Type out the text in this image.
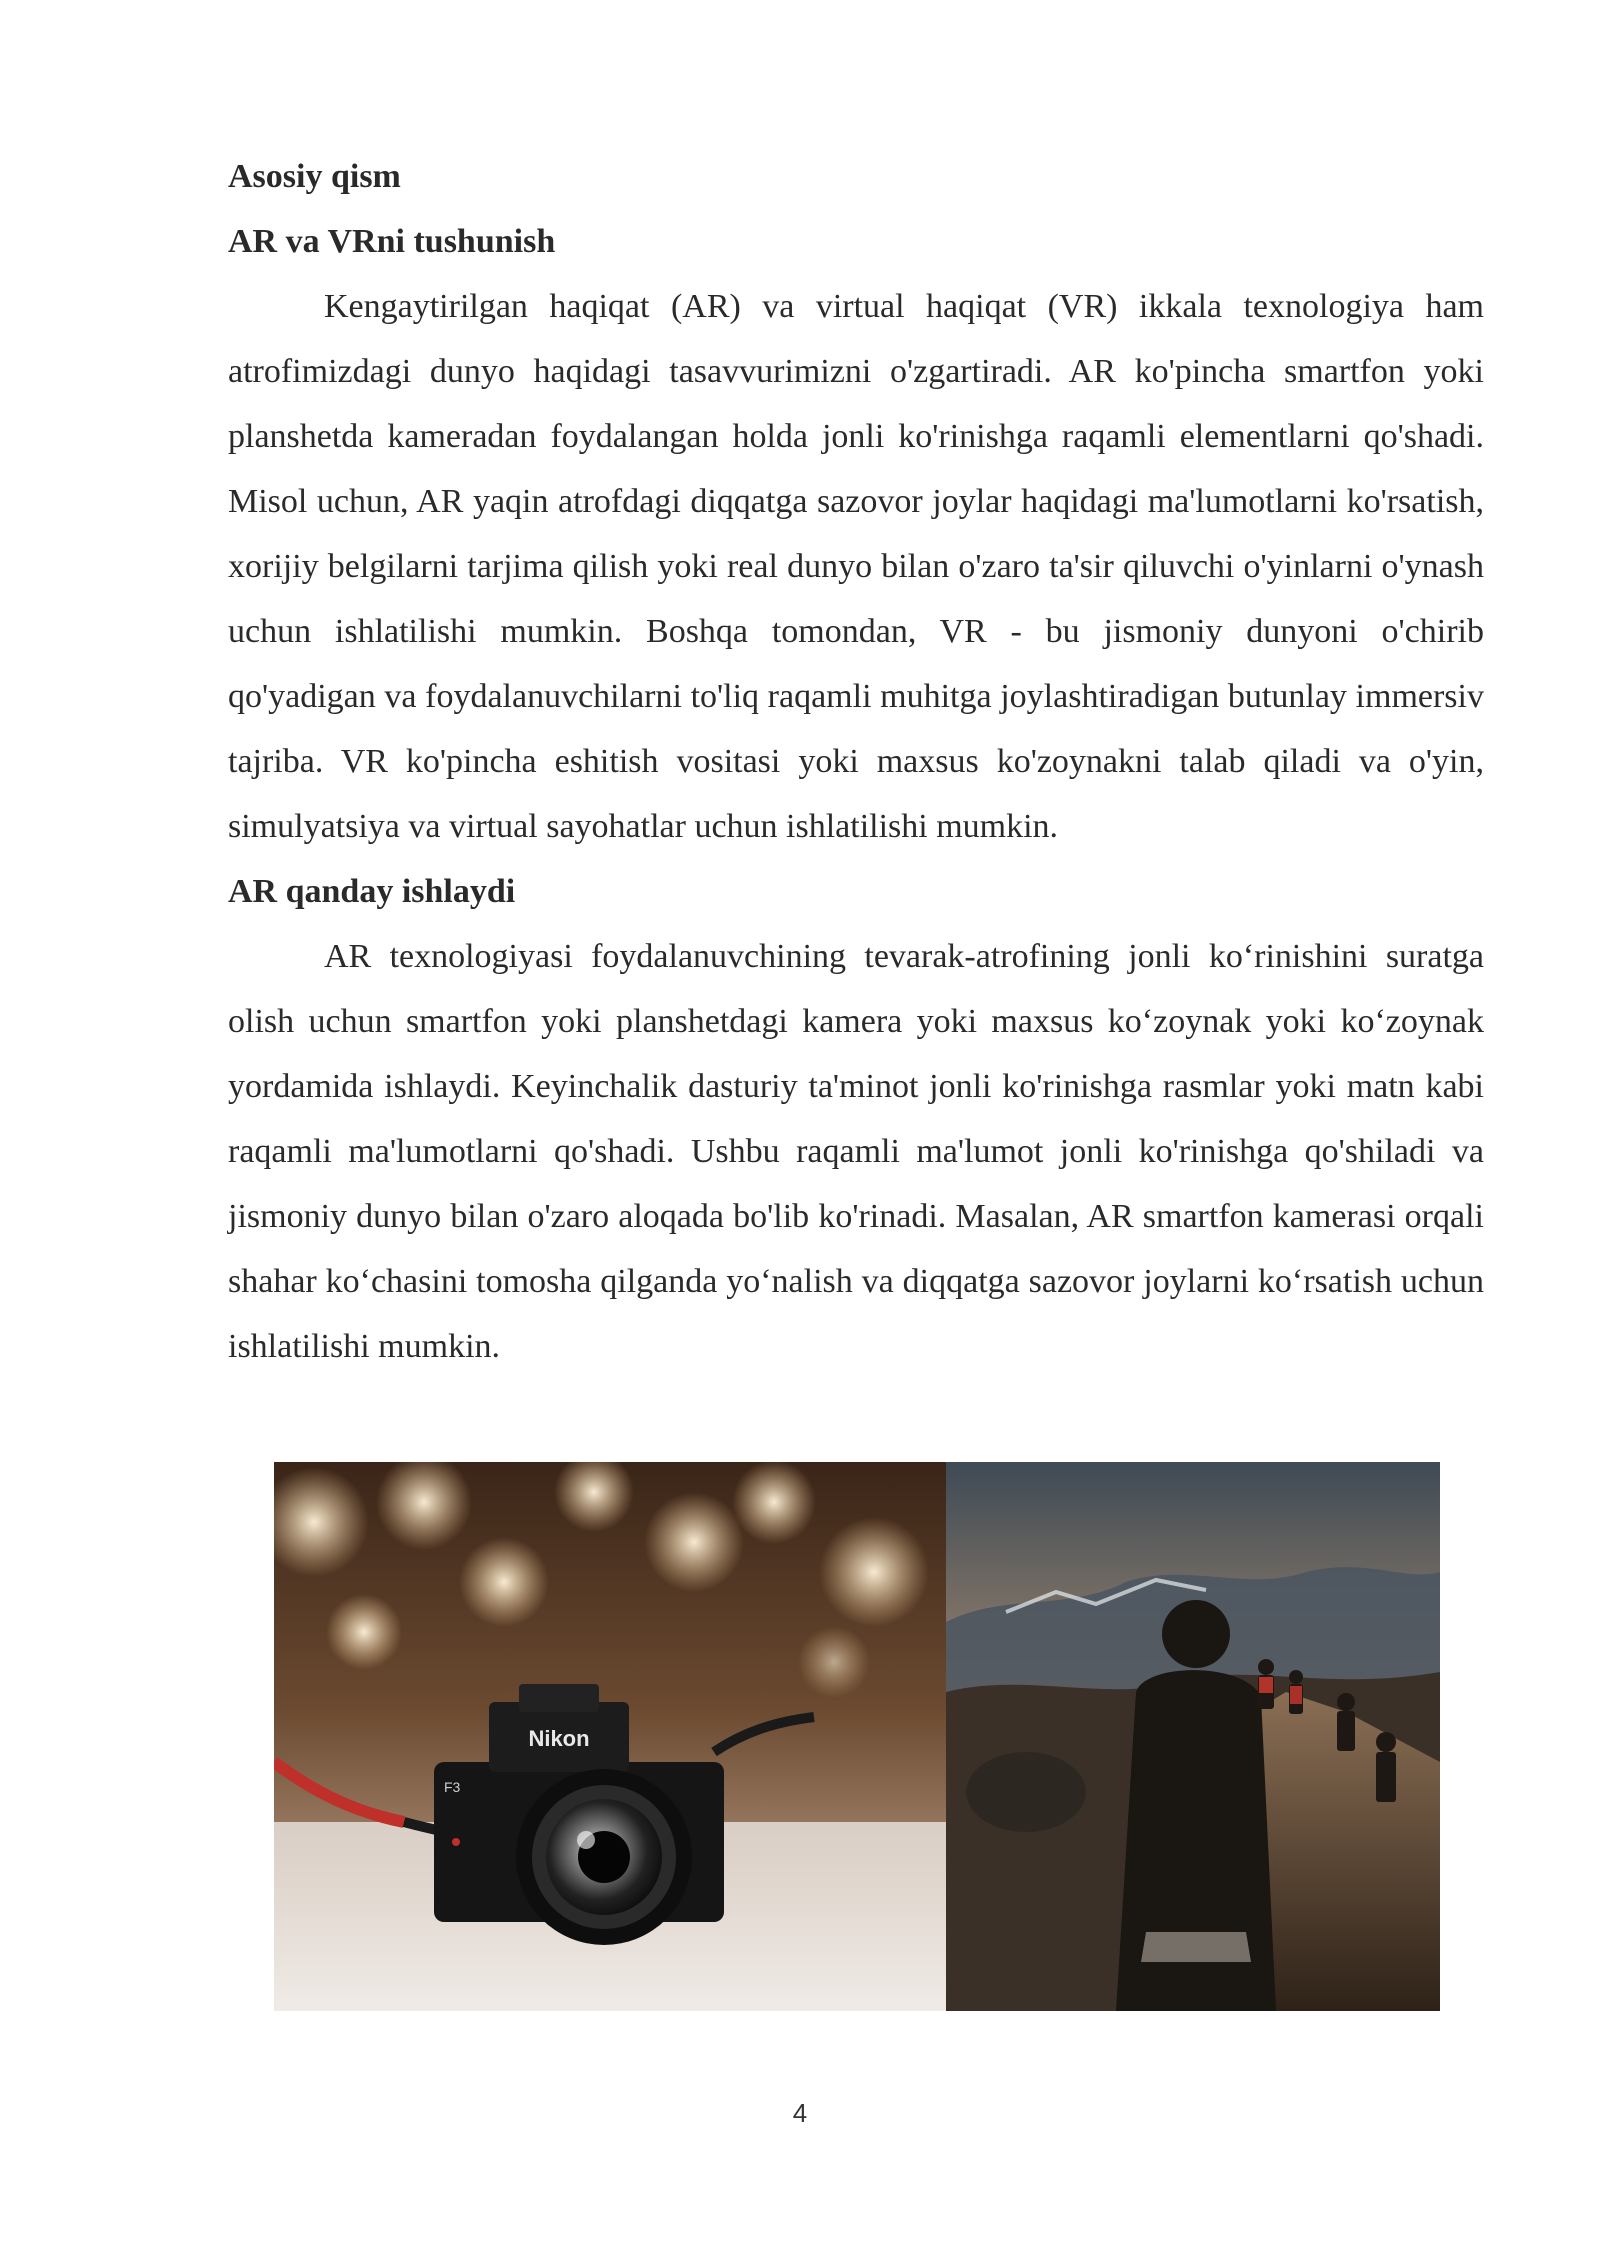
Asosiy qism

AR va VRni tushunish

Kengaytirilgan haqiqat (AR) va virtual haqiqat (VR) ikkala texnologiya ham atrofimizdagi dunyo haqidagi tasavvurimizni o'zgartiradi. AR ko'pincha smartfon yoki planshetda kameradan foydalangan holda jonli ko'rinishga raqamli elementlarni qo'shadi. Misol uchun, AR yaqin atrofdagi diqqatga sazovor joylar haqidagi ma'lumotlarni ko'rsatish, xorijiy belgilarni tarjima qilish yoki real dunyo bilan o'zaro ta'sir qiluvchi o'yinlarni o'ynash uchun ishlatilishi mumkin. Boshqa tomondan, VR - bu jismoniy dunyoni o'chirib qo'yadigan va foydalanuvchilarni to'liq raqamli muhitga joylashtiradigan butunlay immersiv tajriba. VR ko'pincha eshitish vositasi yoki maxsus ko'zoynakni talab qiladi va o'yin, simulyatsiya va virtual sayohatlar uchun ishlatilishi mumkin.

AR qanday ishlaydi

AR texnologiyasi foydalanuvchining tevarak-atrofining jonli koʻrinishini suratga olish uchun smartfon yoki planshetdagi kamera yoki maxsus koʻzoynak yoki koʻzoynak yordamida ishlaydi. Keyinchalik dasturiy ta'minot jonli ko'rinishga rasmlar yoki matn kabi raqamli ma'lumotlarni qo'shadi. Ushbu raqamli ma'lumot jonli ko'rinishga qo'shiladi va jismoniy dunyo bilan o'zaro aloqada bo'lib ko'rinadi. Masalan, AR smartfon kamerasi orqali shahar koʻchasini tomosha qilganda yoʻnalish va diqqatga sazovor joylarni koʻrsatish uchun ishlatilishi mumkin.

Nikon
F3
4
